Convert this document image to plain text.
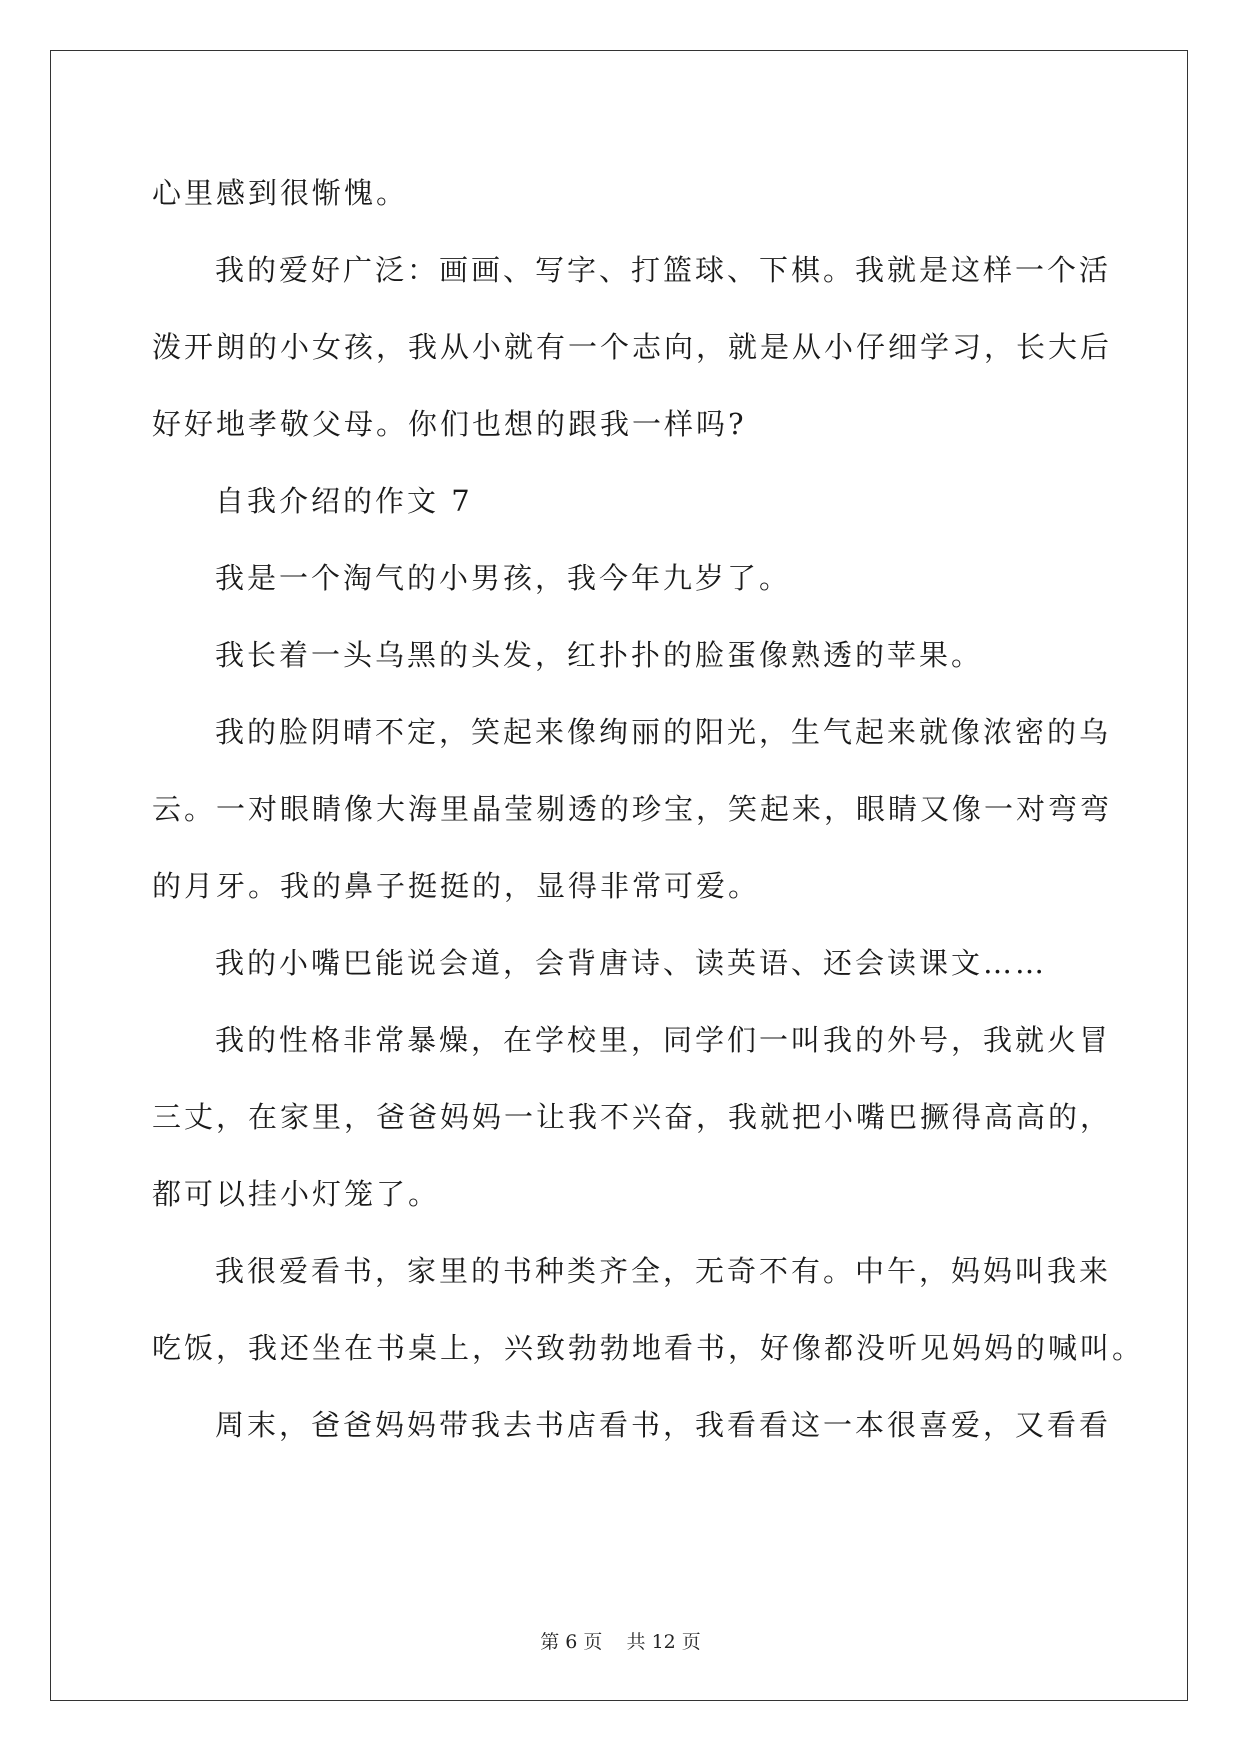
心里感到很惭愧。
我的爱好广泛：画画、写字、打篮球、下棋。我就是这样一个活
泼开朗的小女孩，我从小就有一个志向，就是从小仔细学习，长大后
好好地孝敬父母。你们也想的跟我一样吗?
自我介绍的作文 7
我是一个淘气的小男孩，我今年九岁了。
我长着一头乌黑的头发，红扑扑的脸蛋像熟透的苹果。
我的脸阴晴不定，笑起来像绚丽的阳光，生气起来就像浓密的乌
云。一对眼睛像大海里晶莹剔透的珍宝，笑起来，眼睛又像一对弯弯
的月牙。我的鼻子挺挺的，显得非常可爱。
我的小嘴巴能说会道，会背唐诗、读英语、还会读课文……
我的性格非常暴燥，在学校里，同学们一叫我的外号，我就火冒
三丈，在家里，爸爸妈妈一让我不兴奋，我就把小嘴巴撅得高高的，
都可以挂小灯笼了。
我很爱看书，家里的书种类齐全，无奇不有。中午，妈妈叫我来
吃饭，我还坐在书桌上，兴致勃勃地看书，好像都没听见妈妈的喊叫。
周末，爸爸妈妈带我去书店看书，我看看这一本很喜爱，又看看
第 6 页    共 12 页
